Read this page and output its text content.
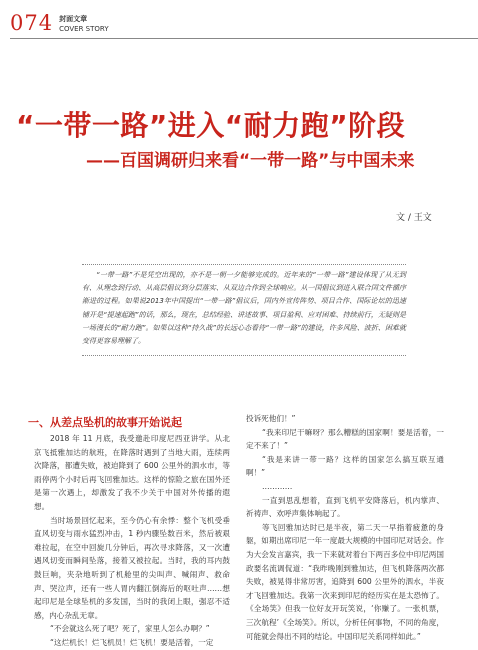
074 封面文章
COVER STORY
“一带一路”进入“耐力跑”阶段
——百国调研归来看“一带一路”与中国未来
文 / 王文

“一带一路”不是凭空出现的，亦不是一朝一夕能够完成的。近年来的“一带一路”建设体现了从无到有、从理念到行动、从高层倡议到分层落实、从双边合作到全球响应。从一国倡议到进入联合国文件循序渐进的过程。如果说2013年中国提出“一带一路”倡议后，国内外宣传阵势、项目合作、国际论坛的迅速铺开是“提速起跑”的话，那么，现在，总结经验、讲述故事、项目盈利、应对困难、持续前行，无疑则是一场漫长的“耐力跑”。如果以这种“持久战”的长远心态看待“一带一路”的建设，许多风险、波折、困难就变得更容易理解了。

一、从差点坠机的故事开始说起

2018 年 11 月底，我受邀赴印度尼西亚讲学。从北京飞抵雅加达的航班，在降落时遇到了当地大雨，连续两次降落，都遭失败，被迫降到了 600 公里外的泗水市，等雨停两个小时后再飞回雅加达。这样的惊险之旅在国外还是第一次遇上，却激发了我不少关于中国对外传播的遐想。

当时场景回忆起来，至今仍心有余悸：整个飞机受垂直风切变与雨水猛烈冲击，1 秒内骤坠数百米，然后被艰难拉起，在空中回旋几分钟后，再次寻求降落，又一次遭遇风切变而瞬间坠落，接着又被拉起。当时，我的耳内鼓鼓巨响，夹杂地听到了机舱里的尖叫声、喊闹声、救命声、哭泣声，还有一些人胃内翻江倒海后的呕吐声……想起印尼是全球坠机的多发国，当时的我闭上眼，强忍不适感，内心杂乱无章。

“不会就这么死了吧？死了，家里人怎么办啊？”

“这烂机长！烂飞机员！烂飞机！要是活着，一定

投诉死他们！”

“我来印尼干嘛呀？那么糟糕的国家啊！要是活着，一定不来了！”

“我是来讲一带一路？这样的国家怎么搞互联互通啊！”

…………

一直到思乱想着，直到飞机平安降落后，机内掌声、祈祷声、欢呼声集体响起了。

等飞回雅加达时已是半夜，第二天一早指着疲惫的身躯，如期出席印尼一年一度最大规模的中国印尼对话会。作为大会发言嘉宾，我一下来就对着台下两百多位中印尼两国政要名流调侃道：“我昨晚刚到雅加达，但飞机降落两次都失败，被晃得非常厉害，追降到 600 公里外的泗水，半夜才飞回雅加达。我第一次来到印尼的经历实在是太恐怖了。《全场笑》但我一位好友开玩笑说，‘你赚了。一张机票，三次航程’《全场笑》。所以，分析任何事物，不同的角度，可能就会得出不同的结论。中国印尼关系同样如此。”
